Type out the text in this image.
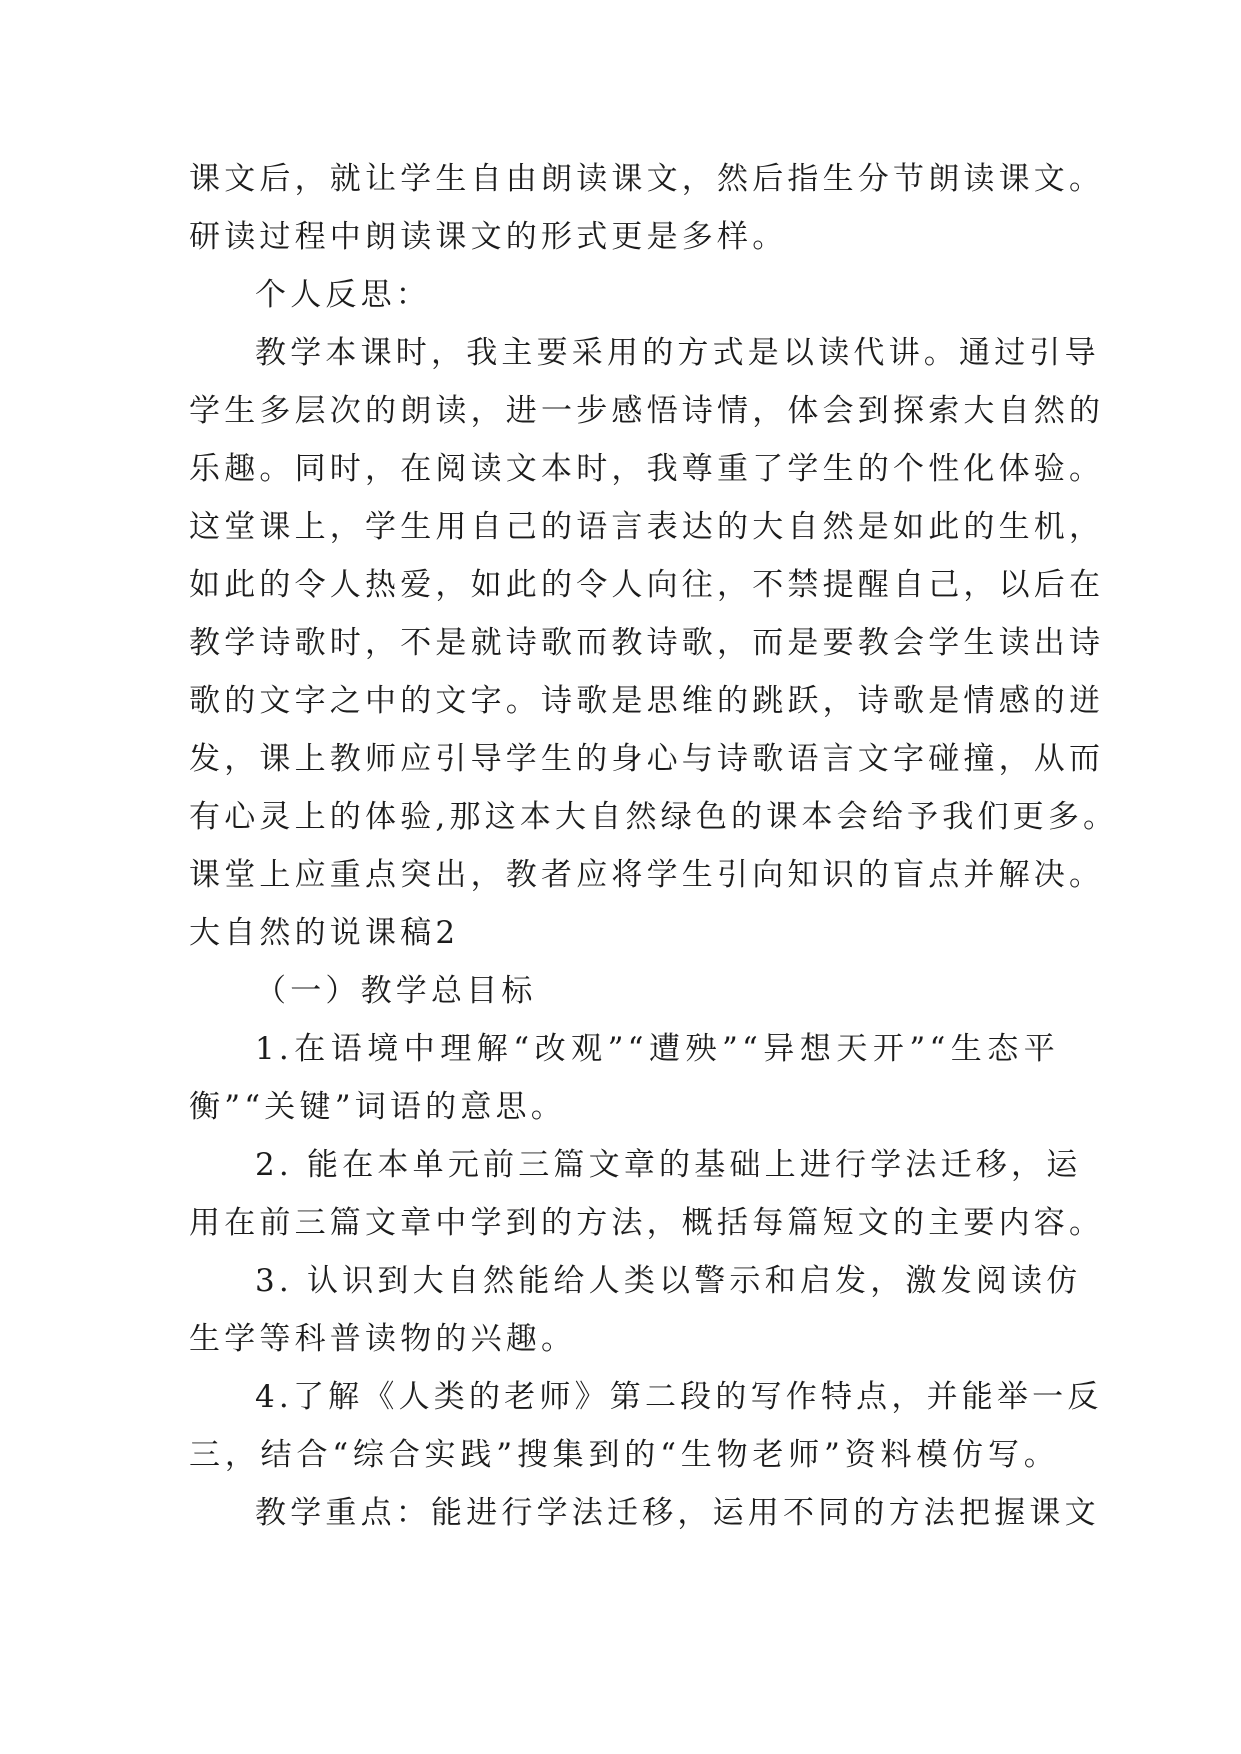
课文后，就让学生自由朗读课文，然后指生分节朗读课文。
研读过程中朗读课文的形式更是多样。
个人反思：
教学本课时，我主要采用的方式是以读代讲。通过引导
学生多层次的朗读，进一步感悟诗情，体会到探索大自然的
乐趣。同时，在阅读文本时，我尊重了学生的个性化体验。
这堂课上，学生用自己的语言表达的大自然是如此的生机，
如此的令人热爱，如此的令人向往，不禁提醒自己，以后在
教学诗歌时，不是就诗歌而教诗歌，而是要教会学生读出诗
歌的文字之中的文字。诗歌是思维的跳跃，诗歌是情感的迸
发，课上教师应引导学生的身心与诗歌语言文字碰撞，从而
有心灵上的体验,那这本大自然绿色的课本会给予我们更多。
课堂上应重点突出，教者应将学生引向知识的盲点并解决。
大自然的说课稿2
（一）教学总目标
1.在语境中理解“改观”“遭殃”“异想天开”“生态平
衡”“关键”词语的意思。
2. 能在本单元前三篇文章的基础上进行学法迁移，运
用在前三篇文章中学到的方法，概括每篇短文的主要内容。
3. 认识到大自然能给人类以警示和启发，激发阅读仿
生学等科普读物的兴趣。
4.了解《人类的老师》第二段的写作特点，并能举一反
三，结合“综合实践”搜集到的“生物老师”资料模仿写。
教学重点：能进行学法迁移，运用不同的方法把握课文
